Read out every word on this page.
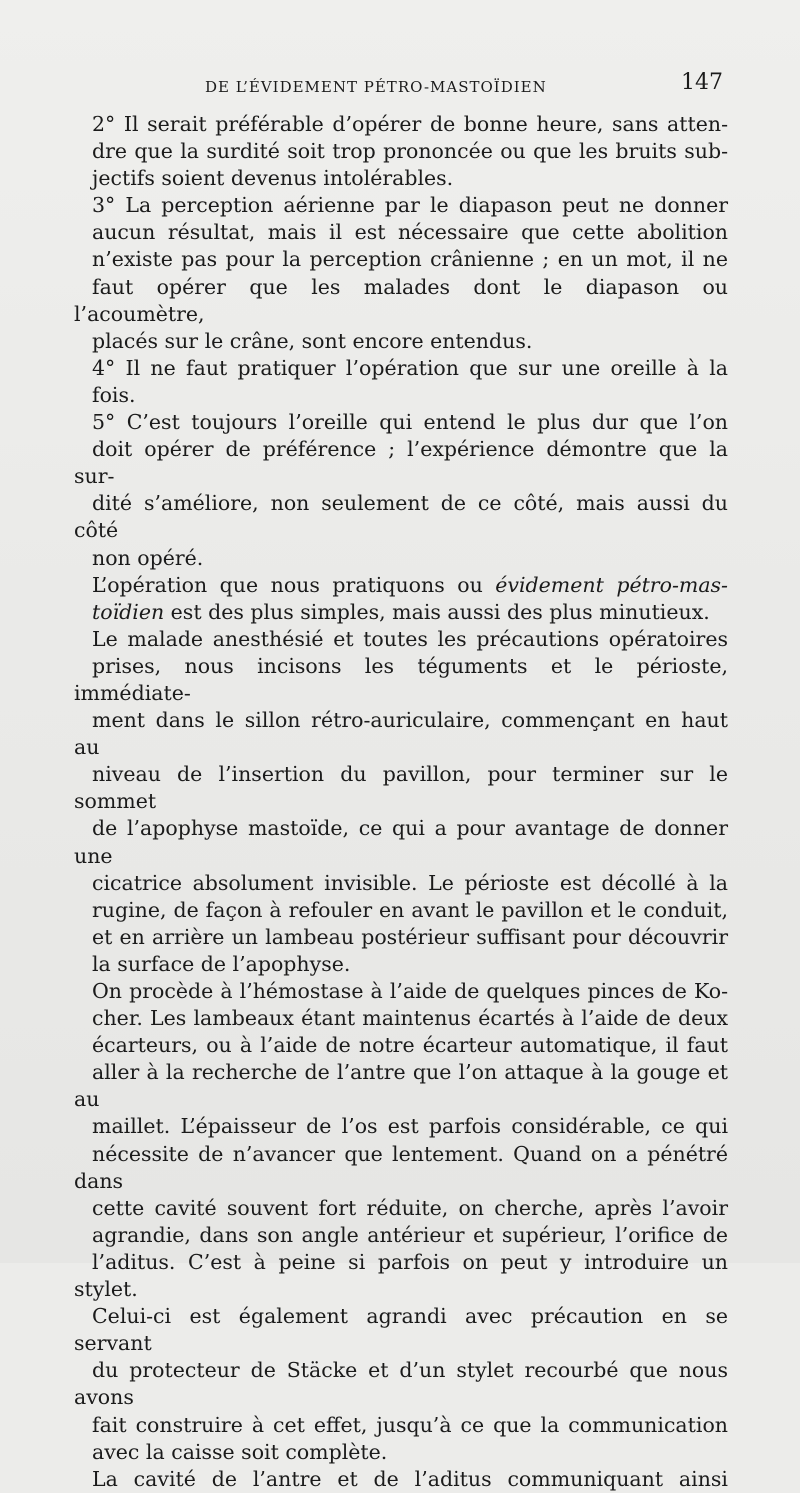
DE L’ÉVIDEMENT PÉTRO-MASTOÏDIEN	147
2° Il serait préférable d’opérer de bonne heure, sans atten-
dre que la surdité soit trop prononcée ou que les bruits sub-
jectifs soient devenus intolérables.
3° La perception aérienne par le diapason peut ne donner
aucun résultat, mais il est nécessaire que cette abolition
n’existe pas pour la perception crânienne ; en un mot, il ne
faut opérer que les malades dont le diapason ou l’acoumètre,
placés sur le crâne, sont encore entendus.
4° Il ne faut pratiquer l’opération que sur une oreille à la
fois.
5° C’est toujours l’oreille qui entend le plus dur que l’on
doit opérer de préférence ; l’expérience démontre que la sur-
dité s’améliore, non seulement de ce côté, mais aussi du côté
non opéré.
L’opération que nous pratiquons ou évidement pétro-mas-
toïdien est des plus simples, mais aussi des plus minutieux.
Le malade anesthésié et toutes les précautions opératoires
prises, nous incisons les téguments et le périoste, immédiate-
ment dans le sillon rétro-auriculaire, commençant en haut au
niveau de l’insertion du pavillon, pour terminer sur le sommet
de l’apophyse mastoïde, ce qui a pour avantage de donner une
cicatrice absolument invisible. Le périoste est décollé à la
rugine, de façon à refouler en avant le pavillon et le conduit,
et en arrière un lambeau postérieur suffisant pour découvrir
la surface de l’apophyse.
On procède à l’hémostase à l’aide de quelques pinces de Ko-
cher. Les lambeaux étant maintenus écartés à l’aide de deux
écarteurs, ou à l’aide de notre écarteur automatique, il faut
aller à la recherche de l’antre que l’on attaque à la gouge et au
maillet. L’épaisseur de l’os est parfois considérable, ce qui
nécessite de n’avancer que lentement. Quand on a pénétré dans
cette cavité souvent fort réduite, on cherche, après l’avoir
agrandie, dans son angle antérieur et supérieur, l’orifice de
l’aditus. C’est à peine si parfois on peut y introduire un stylet.
Celui-ci est également agrandi avec précaution en se servant
du protecteur de Stäcke et d’un stylet recourbé que nous avons
fait construire à cet effet, jusqu’à ce que la communication
avec la caisse soit complète.
La cavité de l’antre et de l’aditus communiquant ainsi
